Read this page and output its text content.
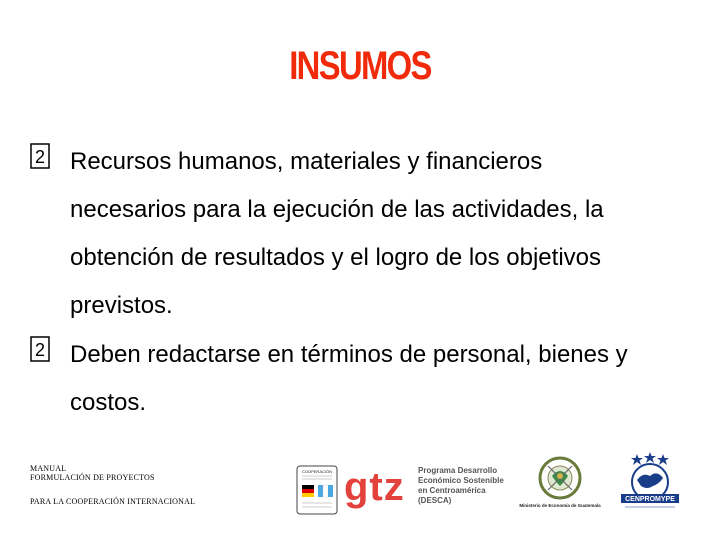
INSUMOS
2 Recursos humanos, materiales y financieros
necesarios para la ejecución de las actividades, la
obtención de resultados y el logro de los objetivos
previstos.
2 Deben redactarse en términos de personal, bienes y
costos.
MANUAL
FORMULACIÓN DE PROYECTOS
PARA LA COOPERACIÓN INTERNACIONAL
COOPERACIÓN gtz Programa Desarrollo
Económico Sostenible
en Centroamérica
(DESCA)
Ministerio de Economía de Guatemala
CENPROMYPE
